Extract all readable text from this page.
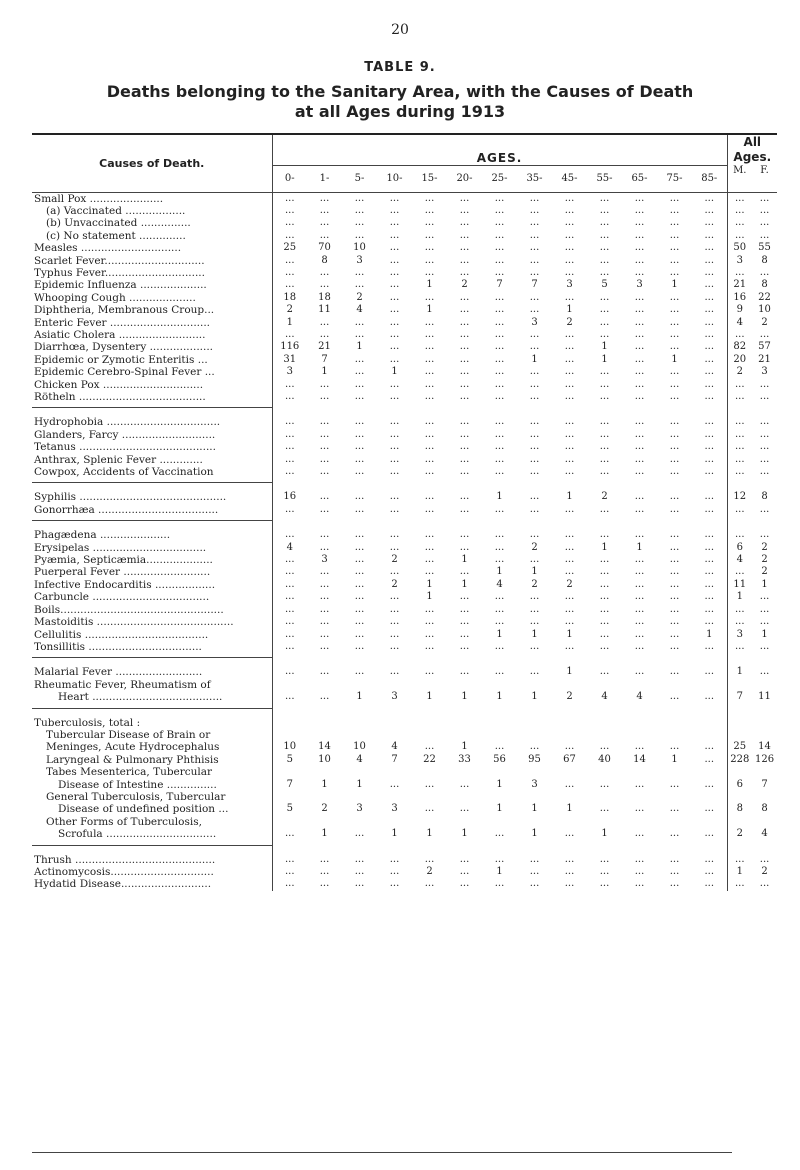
20
TABLE 9.
Deaths belonging to the Sanitary Area, with the Causes of Death
at all Ages during 1913
Causes of Death.	AGES.													All Ages.	
	0-	1-	5-	10-	15-	20-	25-	35-	45-	55-	65-	75-	85-	M.	F.
Small Pox ......................	...	...	...	...	...	...	...	...	...	...	...	...	...	...	...
(a) Vaccinated ..................	...	...	...	...	...	...	...	...	...	...	...	...	...	...	...
(b) Unvaccinated ...............	...	...	...	...	...	...	...	...	...	...	...	...	...	...	...
(c) No statement ..............	...	...	...	...	...	...	...	...	...	...	...	...	...	...	...
Measles ..............................	25	70	10	...	...	...	...	...	...	...	...	...	...	50	55
Scarlet Fever..............................	...	8	3	...	...	...	...	...	...	...	...	...	...	3	8
Typhus Fever..............................	...	...	...	...	...	...	...	...	...	...	...	...	...	...	...
Epidemic Influenza ....................	...	...	...	...	1	2	7	7	3	5	3	1	...	21	8
Whooping Cough ....................	18	18	2	...	...	...	...	...	...	...	...	...	...	16	22
Diphtheria, Membranous Croup...	2	11	4	...	1	...	...	...	1	...	...	...	...	9	10
Enteric Fever ..............................	1	...	...	...	...	...	...	3	2	...	...	...	...	4	2
Asiatic Cholera ..........................	...	...	...	...	...	...	...	...	...	...	...	...	...	...	...
Diarrhœa, Dysentery ...................	116	21	1	...	...	...	...	...	...	1	...	...	...	82	57
Epidemic or Zymotic Enteritis ...	31	7	...	...	...	...	...	1	...	1	...	1	...	20	21
Epidemic Cerebro-Spinal Fever ...	3	1	...	1	...	...	...	...	...	...	...	...	...	2	3
Chicken Pox ..............................	...	...	...	...	...	...	...	...	...	...	...	...	...	...	...
Rötheln ......................................	...	...	...	...	...	...	...	...	...	...	...	...	...	...	...

Hydrophobia ..................................	...	...	...	...	...	...	...	...	...	...	...	...	...	...	...
Glanders, Farcy ............................	...	...	...	...	...	...	...	...	...	...	...	...	...	...	...
Tetanus .........................................	...	...	...	...	...	...	...	...	...	...	...	...	...	...	...
Anthrax, Splenic Fever .............	...	...	...	...	...	...	...	...	...	...	...	...	...	...	...
Cowpox, Accidents of Vaccination	...	...	...	...	...	...	...	...	...	...	...	...	...	...	...

Syphilis ............................................	16	...	...	...	...	...	1	...	1	2	...	...	...	12	8
Gonorrhæa ....................................	...	...	...	...	...	...	...	...	...	...	...	...	...	...	...

Phagædena .....................	...	...	...	...	...	...	...	...	...	...	...	...	...	...	...
Erysipelas ..................................	4	...	...	...	...	...	...	2	...	1	1	...	...	6	2
Pyæmia, Septicæmia....................	...	3	...	2	...	1	...	...	...	...	...	...	...	4	2
Puerperal Fever ..........................	...	...	...	...	...	...	1	1	...	...	...	...	...	...	2
Infective Endocarditis ..................	...	...	...	2	1	1	4	2	2	...	...	...	...	11	1
Carbuncle ...................................	...	...	...	...	1	...	...	...	...	...	...	...	...	1	...
Boils.................................................	...	...	...	...	...	...	...	...	...	...	...	...	...	...	...
Mastoiditis .........................................	...	...	...	...	...	...	...	...	...	...	...	...	...	...	...
Cellulitis .....................................	...	...	...	...	...	...	1	1	1	...	...	...	1	3	1
Tonsillitis ..................................	...	...	...	...	...	...	...	...	...	...	...	...	...	...	...

Malarial Fever ..........................	...	...	...	...	...	...	...	...	1	...	...	...	...	1	...
Rheumatic Fever, Rheumatism of															
Heart .......................................	...	...	1	3	1	1	1	1	2	4	4	...	...	7	11

Tuberculosis, total :															
Tubercular Disease of Brain or															
Meninges, Acute Hydrocephalus	10	14	10	4	...	1	...	...	...	...	...	...	...	25	14
Laryngeal & Pulmonary Phthisis	5	10	4	7	22	33	56	95	67	40	14	1	...	228	126
Tabes Mesenterica, Tubercular															
Disease of Intestine ...............	7	1	1	...	...	...	1	3	...	...	...	...	...	6	7
General Tuberculosis, Tubercular															
Disease of undefined position ...	5	2	3	3	...	...	1	1	1	...	...	...	...	8	8
Other Forms of Tuberculosis,															
Scrofula .................................	...	1	...	1	1	1	...	1	...	1	...	...	...	2	4

Thrush ..........................................	...	...	...	...	...	...	...	...	...	...	...	...	...	...	...
Actinomycosis...............................	...	...	...	...	2	...	1	...	...	...	...	...	...	1	2
Hydatid Disease...........................	...	...	...	...	...	...	...	...	...	...	...	...	...	...	...
